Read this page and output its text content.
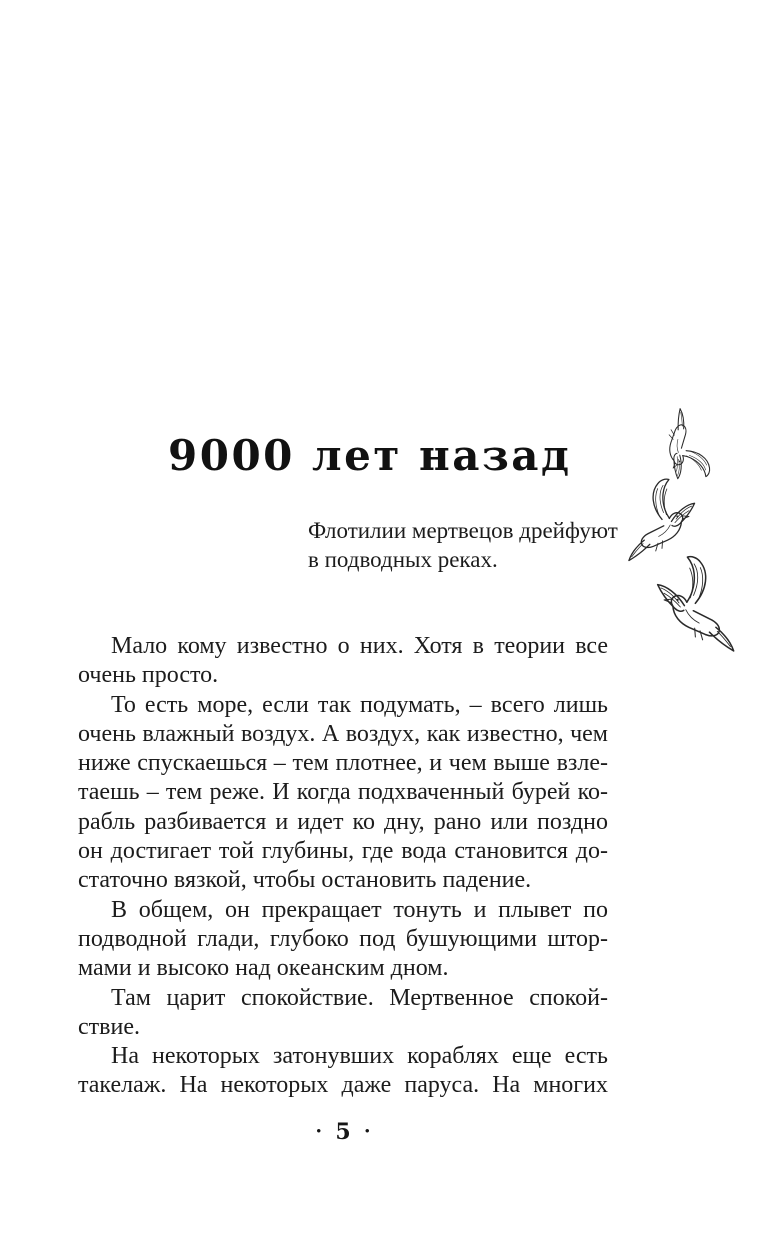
9000 лет назад
Флотилии мертвецов дрейфуют
в подводных реках.
Мало кому известно о них. Хотя в теории все
очень просто.
То есть море, если так подумать, – всего лишь
очень влажный воздух. А воздух, как известно, чем
ниже спускаешься – тем плотнее, и чем выше взле-
таешь – тем реже. И когда подхваченный бурей ко-
рабль разбивается и идет ко дну, рано или поздно
он достигает той глубины, где вода становится до-
статочно вязкой, чтобы остановить падение.
В общем, он прекращает тонуть и плывет по
подводной глади, глубоко под бушующими штор-
мами и высоко над океанским дном.
Там царит спокойствие. Мертвенное спокой-
ствие.
На некоторых затонувших кораблях еще есть
такелаж. На некоторых даже паруса. На многих
• 5 •
